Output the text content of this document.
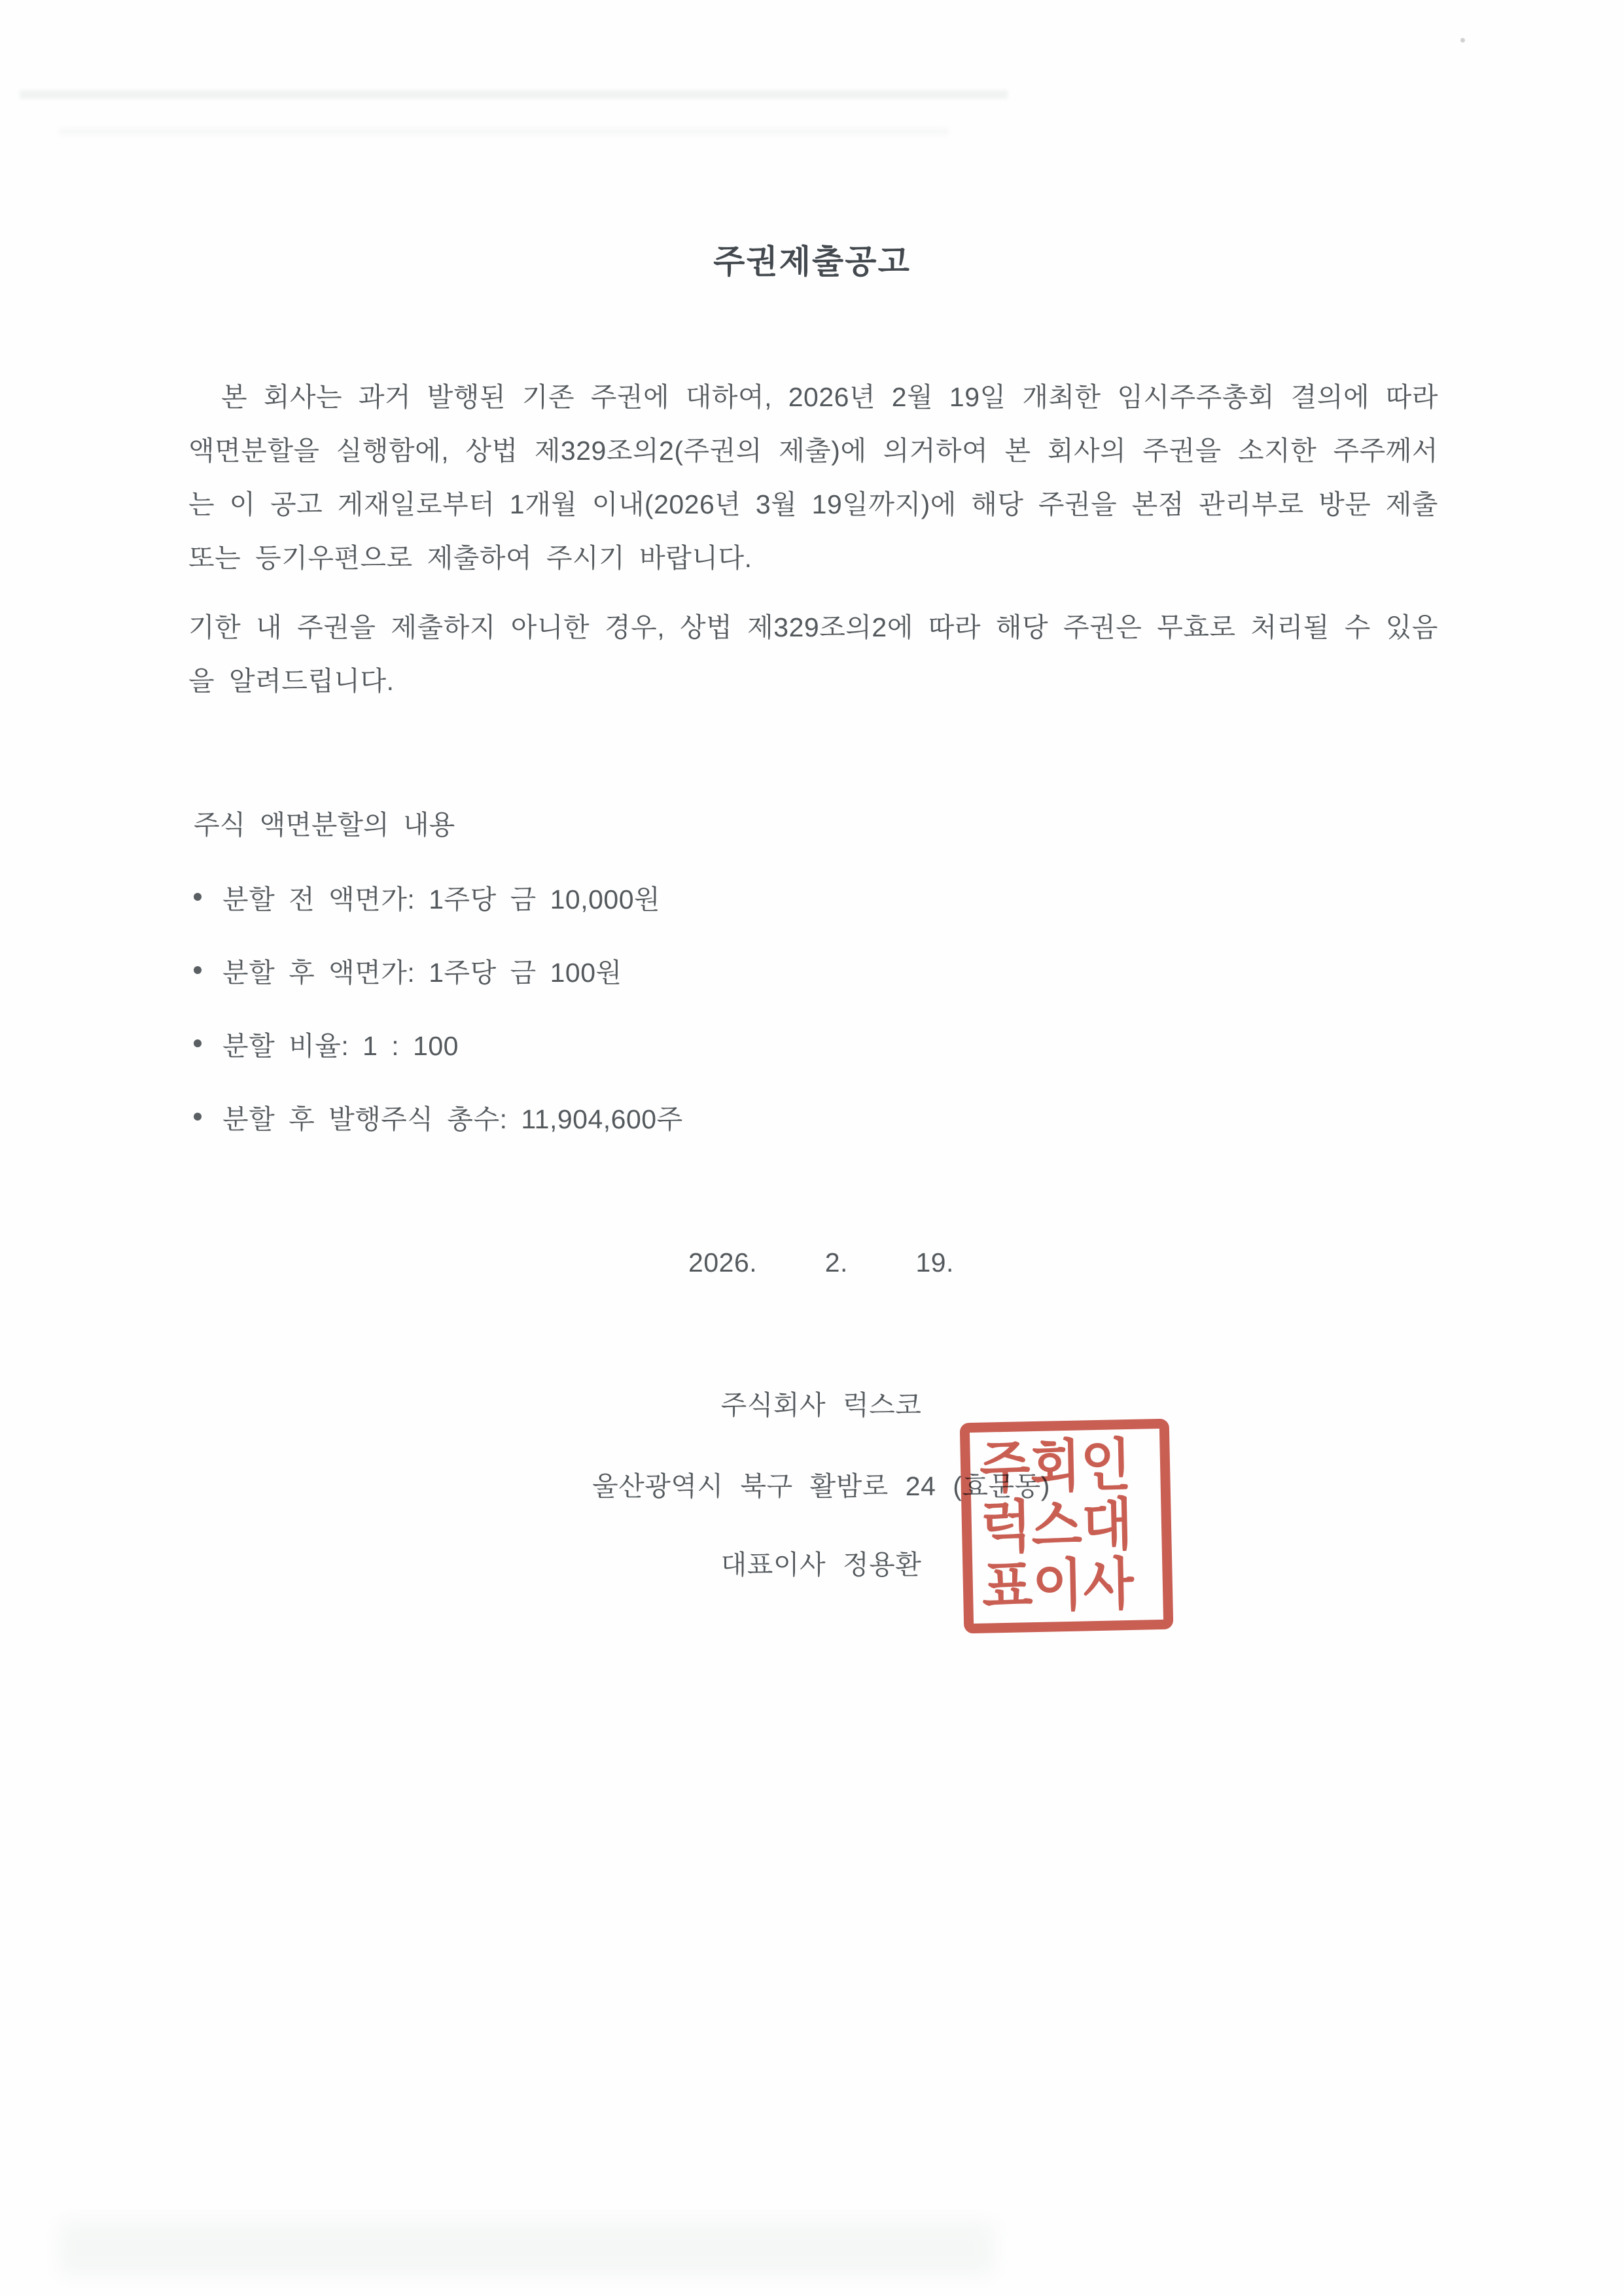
주권제출공고

본 회사는 과거 발행된 기존 주권에 대하여, 2026년 2월 19일 개최한 임시주주총회 결의에 따라 액면분할을 실행함에, 상법 제329조의2(주권의 제출)에 의거하여 본 회사의 주권을 소지한 주주께서는 이 공고 게재일로부터 1개월 이내(2026년 3월 19일까지)에 해당 주권을 본점 관리부로 방문 제출 또는 등기우편으로 제출하여 주시기 바랍니다.

기한 내 주권을 제출하지 아니한 경우, 상법 제329조의2에 따라 해당 주권은 무효로 처리될 수 있음을 알려드립니다.

주식 액면분할의 내용

분할 전 액면가: 1주당 금 10,000원
분할 후 액면가: 1주당 금 100원
분할 비율: 1 : 100
분할 후 발행주식 총수: 11,904,600주

2026.    2.    19.

주식회사 럭스코

울산광역시 북구 활밤로 24 (효문동)

대표이사 정용환

주회인
럭스대
표이사
